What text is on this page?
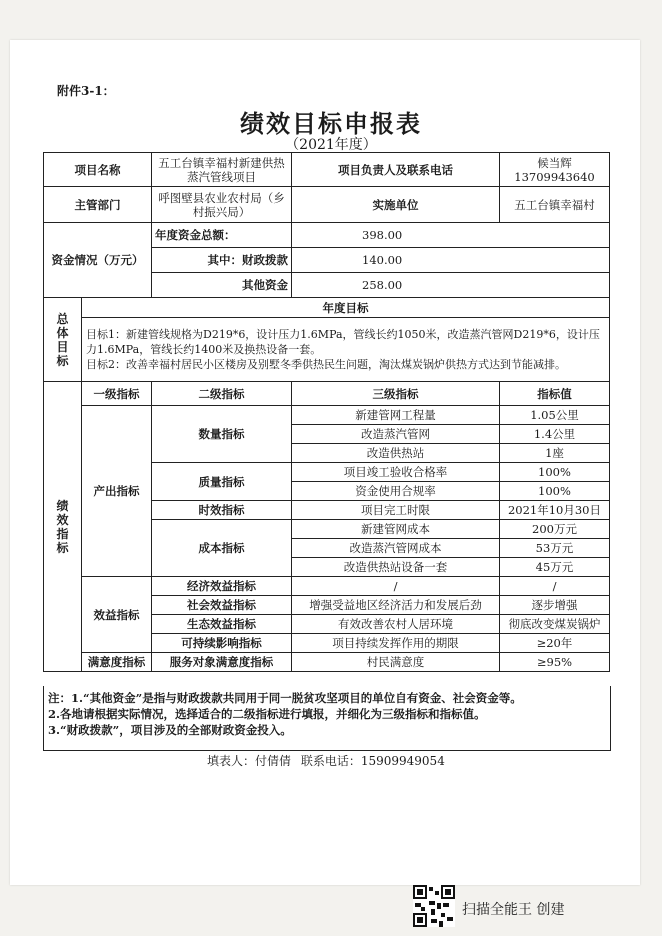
附件3-1：
绩效目标申报表
（2021年度）
项目名称		五工台镇幸福村新建供热蒸汽管线项目	项目负责人及联系电话	候当辉13709943640
主管部门		呼图壁县农业农村局（乡村振兴局）	实施单位	五工台镇幸福村
资金情况（万元）		年度资金总额：	398.00	
		其中：财政拨款	140.00	
		其他资金	258.00	
总体目标	年度目标			

	目标1：新建管线规格为D219*6，设计压力1.6MPa，管线长约1050米，改造蒸汽管网D219*6，设计压力1.6MPa，管线长约1400米及换热设备一套。
目标2：改善幸福村居民小区楼房及别墅冬季供热民生问题，淘汰煤炭锅炉供热方式达到节能减排。			

绩效指标	一级指标	二级指标	三级指标	指标值
	产出指标	数量指标	新建管网工程量	1.05公里
			改造蒸汽管网	1.4公里
			改造供热站	1座
		质量指标	项目竣工验收合格率	100%
			资金使用合规率	100%
		时效指标	项目完工时限	2021年10月30日
		成本指标	新建管网成本	200万元
			改造蒸汽管网成本	53万元
			改造供热站设备一套	45万元
	效益指标	经济效益指标	/	/
		社会效益指标	增强受益地区经济活力和发展后劲	逐步增强
		生态效益指标	有效改善农村人居环境	彻底改变煤炭锅炉
		可持续影响指标	项目持续发挥作用的期限	≥20年
	满意度指标	服务对象满意度指标	村民满意度	≥95%
注：1.“其他资金”是指与财政拨款共同用于同一脱贫攻坚项目的单位自有资金、社会资金等。
2.各地请根据实际情况，选择适合的二级指标进行填报，并细化为三级指标和指标值。
3.“财政拨款”，项目涉及的全部财政资金投入。
填表人：付倩倩 联系电话：15909949054
扫描全能王 创建
